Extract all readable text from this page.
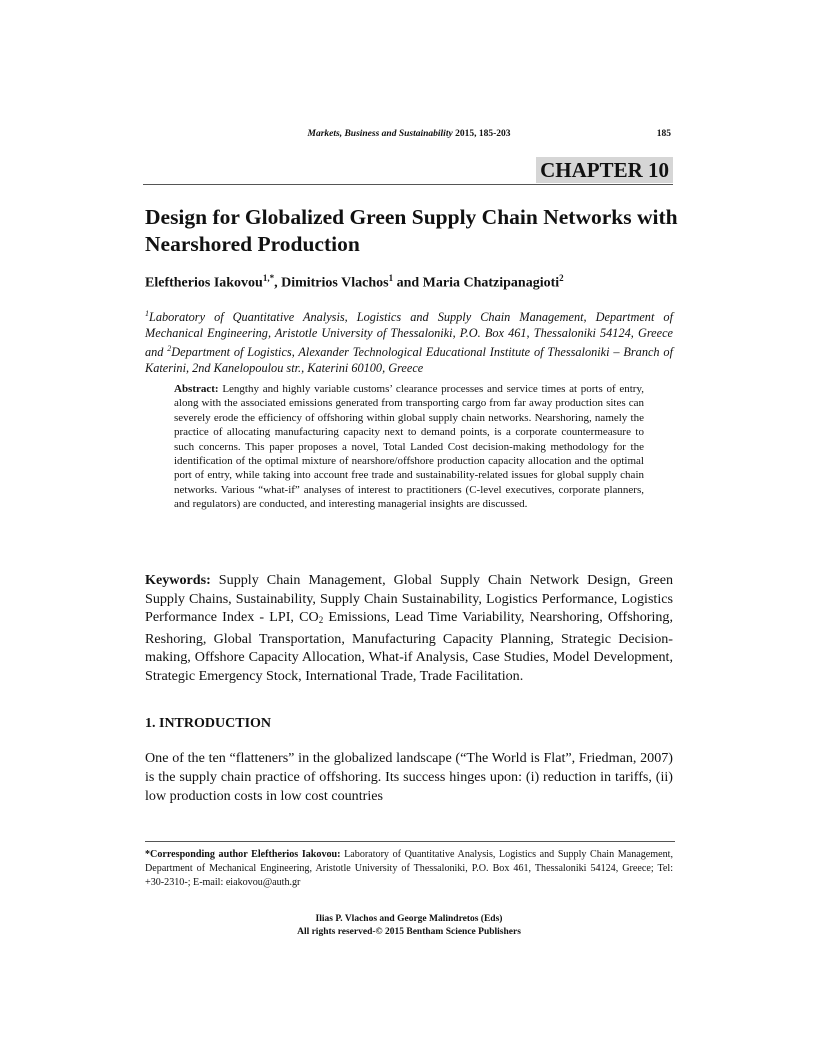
Markets, Business and Sustainability 2015, 185-203	185
CHAPTER 10
Design for Globalized Green Supply Chain Networks with Nearshored Production
Eleftherios Iakovou$^{1,*}$, Dimitrios Vlachos$^1$ and Maria Chatzipanagioti$^2$
$^1$Laboratory of Quantitative Analysis, Logistics and Supply Chain Management, Department of Mechanical Engineering, Aristotle University of Thessaloniki, P.O. Box 461, Thessaloniki 54124, Greece and $^2$Department of Logistics, Alexander Technological Educational Institute of Thessaloniki – Branch of Katerini, 2nd Kanelopoulou str., Katerini 60100, Greece
Abstract: Lengthy and highly variable customs’ clearance processes and service times at ports of entry, along with the associated emissions generated from transporting cargo from far away production sites can severely erode the efficiency of offshoring within global supply chain networks. Nearshoring, namely the practice of allocating manufacturing capacity next to demand points, is a corporate countermeasure to such concerns. This paper proposes a novel, Total Landed Cost decision-making methodology for the identification of the optimal mixture of nearshore/offshore production capacity allocation and the optimal port of entry, while taking into account free trade and sustainability-related issues for global supply chain networks. Various “what-if” analyses of interest to practitioners (C-level executives, corporate planners, and regulators) are conducted, and interesting managerial insights are discussed.
Keywords: Supply Chain Management, Global Supply Chain Network Design, Green Supply Chains, Sustainability, Supply Chain Sustainability, Logistics Performance, Logistics Performance Index - LPI, $CO_2$ Emissions, Lead Time Variability, Nearshoring, Offshoring, Reshoring, Global Transportation, Manufacturing Capacity Planning, Strategic Decision-making, Offshore Capacity Allocation, What-if Analysis, Case Studies, Model Development, Strategic Emergency Stock, International Trade, Trade Facilitation.
1. INTRODUCTION
One of the ten “flatteners” in the globalized landscape (“The World is Flat”, Friedman, 2007) is the supply chain practice of offshoring. Its success hinges upon: (i) reduction in tariffs, (ii) low production costs in low cost countries
*Corresponding author Eleftherios Iakovou: Laboratory of Quantitative Analysis, Logistics and Supply Chain Management, Department of Mechanical Engineering, Aristotle University of Thessaloniki, P.O. Box 461, Thessaloniki 54124, Greece; Tel: +30-2310-; E-mail: eiakovou@auth.gr
Ilias P. Vlachos and George Malindretos (Eds)
All rights reserved-© 2015 Bentham Science Publishers
